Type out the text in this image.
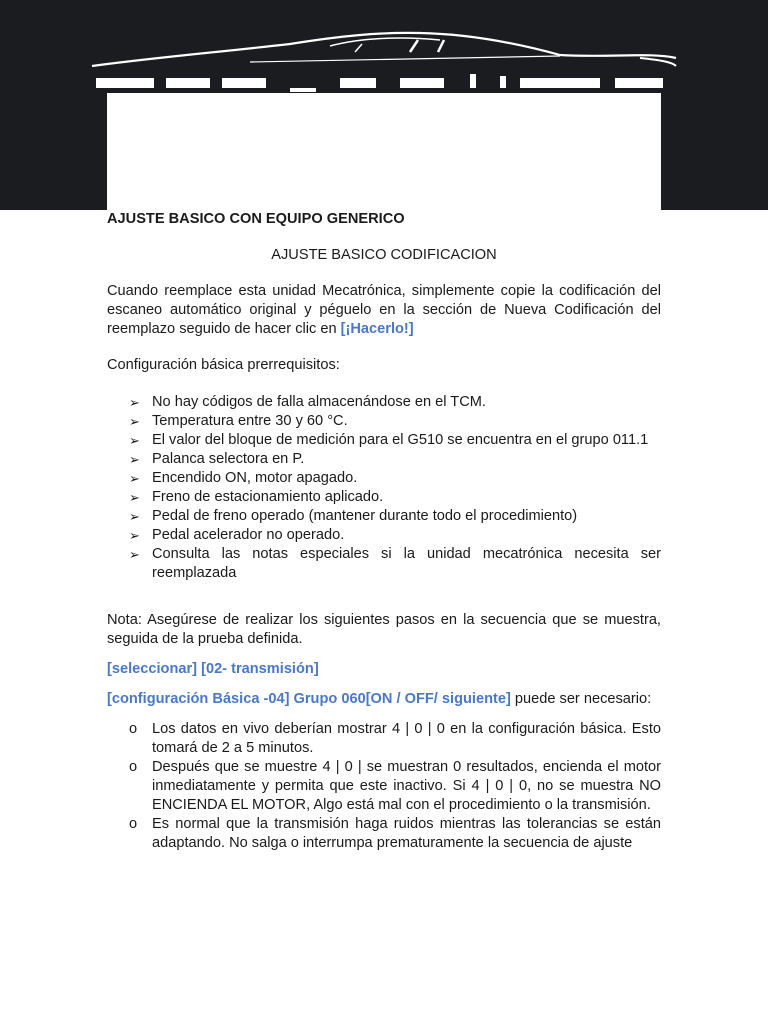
AJUSTE BASICO CON EQUIPO GENERICO

AJUSTE BASICO CODIFICACION

Cuando reemplace esta unidad Mecatrónica, simplemente copie la codificación del escaneo automático original y péguelo en la sección de Nueva Codificación del reemplazo seguido de hacer clic en [¡Hacerlo!]

Configuración básica prerrequisitos:

➢ No hay códigos de falla almacenándose en el TCM.
➢ Temperatura entre 30 y 60 °C.
➢ El valor del bloque de medición para el G510 se encuentra en el grupo 011.1
➢ Palanca selectora en P.
➢ Encendido ON, motor apagado.
➢ Freno de estacionamiento aplicado.
➢ Pedal de freno operado (mantener durante todo el procedimiento)
➢ Pedal acelerador no operado.
➢ Consulta las notas especiales si la unidad mecatrónica necesita ser reemplazada

Nota: Asegúrese de realizar los siguientes pasos en la secuencia que se muestra, seguida de la prueba definida.

[seleccionar] [02- transmisión]

[configuración Básica -04] Grupo 060[ON / OFF/ siguiente] puede ser necesario:

o Los datos en vivo deberían mostrar 4 | 0 | 0 en la configuración básica. Esto tomará de 2 a 5 minutos.
o Después que se muestre 4 | 0 | se muestran 0 resultados, encienda el motor inmediatamente y permita que este inactivo. Si 4 | 0 | 0, no se muestra NO ENCIENDA EL MOTOR, Algo está mal con el procedimiento o la transmisión.
o Es normal que la transmisión haga ruidos mientras las tolerancias se están adaptando. No salga o interrumpa prematuramente la secuencia de ajuste
